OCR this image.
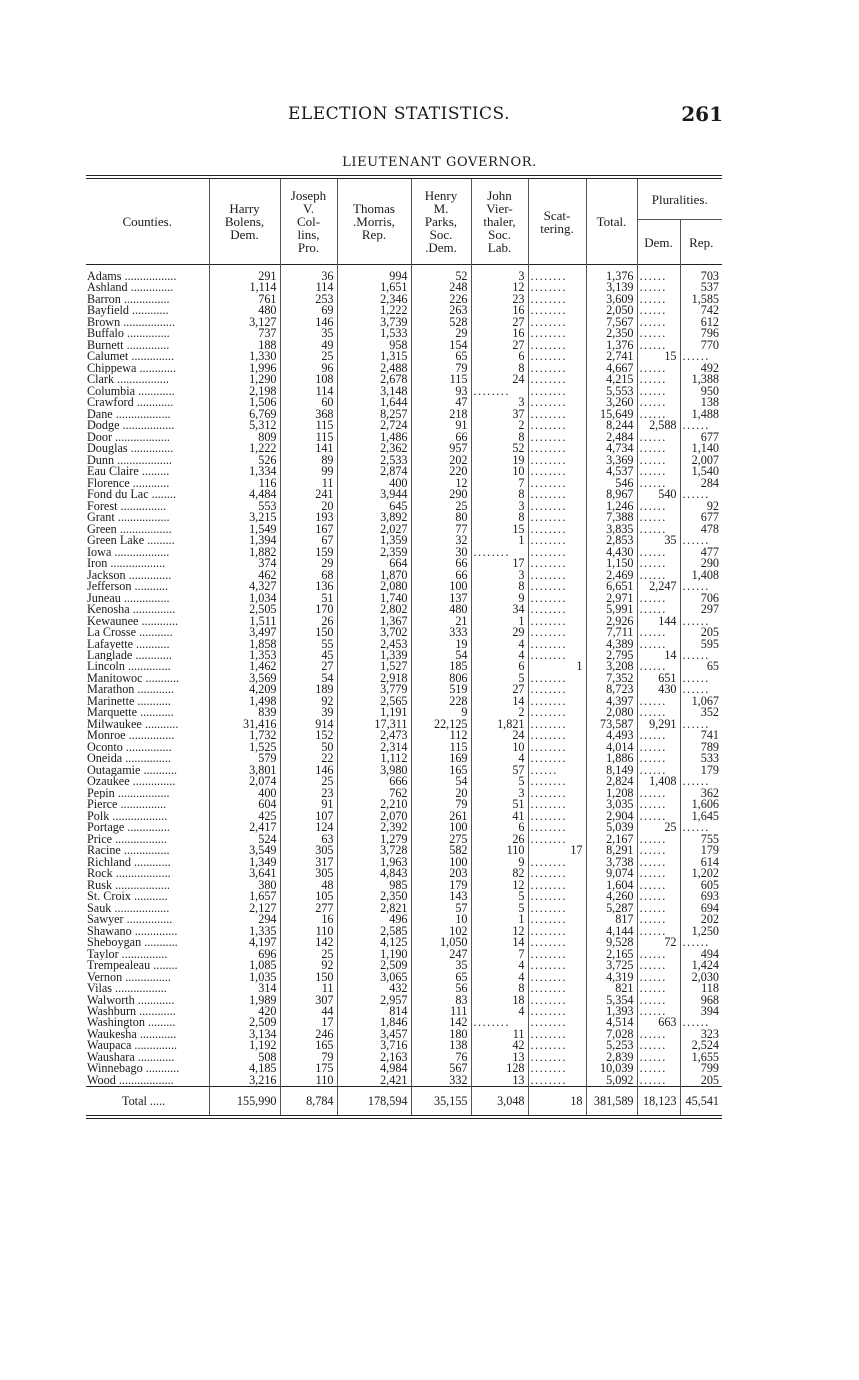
ELECTION STATISTICS.	261
LIEUTENANT GOVERNOR.
Counties.	Harry
Bolens,
Dem.	Joseph
V.
Col-
lins,
Pro.	Thomas
.Morris,
Rep.	Henry
M.
Parks,
Soc.
.Dem.	John
Vier-
thaler,
Soc.
Lab.	Scat-
tering.	Total.	Pluralities.	
								Dem.	Rep.
Adams .................	291	36	994	52	3	........	1,376	......	703
Ashland ..............	1,114	114	1,651	248	12	........	3,139	......	537
Barron ...............	761	253	2,346	226	23	........	3,609	......	1,585
Bayfield ............	480	69	1,222	263	16	........	2,050	......	742
Brown .................	3,127	146	3,739	528	27	........	7,567	......	612
Buffalo ..............	737	35	1,533	29	16	........	2,350	......	796
Burnett ..............	188	49	958	154	27	........	1,376	......	770
Calumet ..............	1,330	25	1,315	65	6	........	2,741	15	......
Chippewa ............	1,996	96	2,488	79	8	........	4,667	......	492
Clark .................	1,290	108	2,678	115	24	........	4,215	......	1,388
Columbia ............	2,198	114	3,148	93	........	........	5,553	......	950
Crawford ............	1,506	60	1,644	47	3	........	3,260	......	138
Dane ..................	6,769	368	8,257	218	37	........	15,649	......	1,488
Dodge .................	5,312	115	2,724	91	2	........	8,244	2,588	......
Door ..................	809	115	1,486	66	8	........	2,484	......	677
Douglas ..............	1,222	141	2,362	957	52	........	4,734	......	1,140
Dunn ..................	526	89	2,533	202	19	........	3,369	......	2,007
Eau Claire .........	1,334	99	2,874	220	10	........	4,537	......	1,540
Florence ............	116	11	400	12	7	........	546	......	284
Fond du Lac ........	4,484	241	3,944	290	8	........	8,967	540	......
Forest ...............	553	20	645	25	3	........	1,246	......	92
Grant .................	3,215	193	3,892	80	8	........	7,388	......	677
Green .................	1,549	167	2,027	77	15	........	3,835	......	478
Green Lake .........	1,394	67	1,359	32	1	........	2,853	35	......
Iowa ..................	1,882	159	2,359	30	........	........	4,430	......	477
Iron ..................	374	29	664	66	17	........	1,150	......	290
Jackson ..............	462	68	1,870	66	3	........	2,469	......	1,408
Jefferson ...........	4,327	136	2,080	100	8	........	6,651	2,247	......
Juneau ...............	1,034	51	1,740	137	9	........	2,971	......	706
Kenosha ..............	2,505	170	2,802	480	34	........	5,991	......	297
Kewaunee ............	1,511	26	1,367	21	1	........	2,926	144	......
La Crosse ...........	3,497	150	3,702	333	29	........	7,711	......	205
Lafayette ...........	1,858	55	2,453	19	4	........	4,389	......	595
Langlade ............	1,353	45	1,339	54	4	........	2,795	14	......
Lincoln ..............	1,462	27	1,527	185	6	1	3,208	......	65
Manitowoc ...........	3,569	54	2,918	806	5	........	7,352	651	......
Marathon ............	4,209	189	3,779	519	27	........	8,723	430	......
Marinette ...........	1,498	92	2,565	228	14	........	4,397	......	1,067
Marquette ...........	839	39	1,191	9	2	........	2,080	......	352
Milwaukee ...........	31,416	914	17,311	22,125	1,821	........	73,587	9,291	......
Monroe ...............	1,732	152	2,473	112	24	........	4,493	......	741
Oconto ...............	1,525	50	2,314	115	10	........	4,014	......	789
Oneida ...............	579	22	1,112	169	4	........	1,886	......	533
Outagamie ...........	3,801	146	3,980	165	57	......	8,149	......	179
Ozaukee ..............	2,074	25	666	54	5	........	2,824	1,408	......
Pepin .................	400	23	762	20	3	........	1,208	......	362
Pierce ...............	604	91	2,210	79	51	........	3,035	......	1,606
Polk ..................	425	107	2,070	261	41	........	2,904	......	1,645
Portage ..............	2,417	124	2,392	100	6	........	5,039	25	......
Price .................	524	63	1,279	275	26	........	2,167	......	755
Racine ...............	3,549	305	3,728	582	110	17	8,291	......	179
Richland ............	1,349	317	1,963	100	9	........	3,738	......	614
Rock ..................	3,641	305	4,843	203	82	........	9,074	......	1,202
Rusk ..................	380	48	985	179	12	........	1,604	......	605
St. Croix ...........	1,657	105	2,350	143	5	........	4,260	......	693
Sauk ..................	2,127	277	2,821	57	5	........	5,287	......	694
Sawyer ...............	294	16	496	10	1	........	817	......	202
Shawano ..............	1,335	110	2,585	102	12	........	4,144	......	1,250
Sheboygan ...........	4,197	142	4,125	1,050	14	........	9,528	72	......
Taylor ...............	696	25	1,190	247	7	........	2,165	......	494
Trempealeau ........	1,085	92	2,509	35	4	........	3,725	......	1,424
Vernon ...............	1,035	150	3,065	65	4	........	4,319	......	2,030
Vilas .................	314	11	432	56	8	........	821	......	118
Walworth ............	1,989	307	2,957	83	18	........	5,354	......	968
Washburn ............	420	44	814	111	4	........	1,393	......	394
Washington .........	2,509	17	1,846	142	........	........	4,514	663	......
Waukesha ............	3,134	246	3,457	180	11	........	7,028	......	323
Waupaca ..............	1,192	165	3,716	138	42	........	5,253	......	2,524
Waushara ............	508	79	2,163	76	13	........	2,839	......	1,655
Winnebago ...........	4,185	175	4,984	567	128	........	10,039	......	799
Wood ..................	3,216	110	2,421	332	13	........	5,092	......	205
Total .....	155,990	8,784	178,594	35,155	3,048	18	381,589	18,123	45,541
